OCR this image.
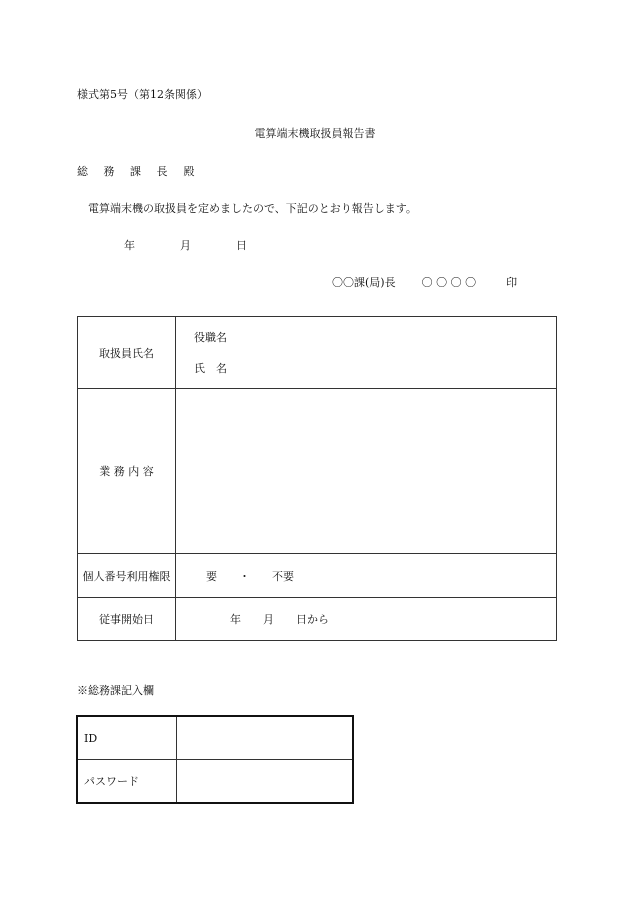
様式第5号（第12条関係）
電算端末機取扱員報告書
総 務 課 長 殿
電算端末機の取扱員を定めましたので、下記のとおり報告します。
年	月	日
〇〇課(局)長 〇 〇 〇 〇	印
取扱員氏名	役職名
氏　名

業 務 内 容	
個人番号利用権限	要　　・　　不要
従事開始日	年　　月　　日から
※総務課記入欄
ID	
パスワード	
